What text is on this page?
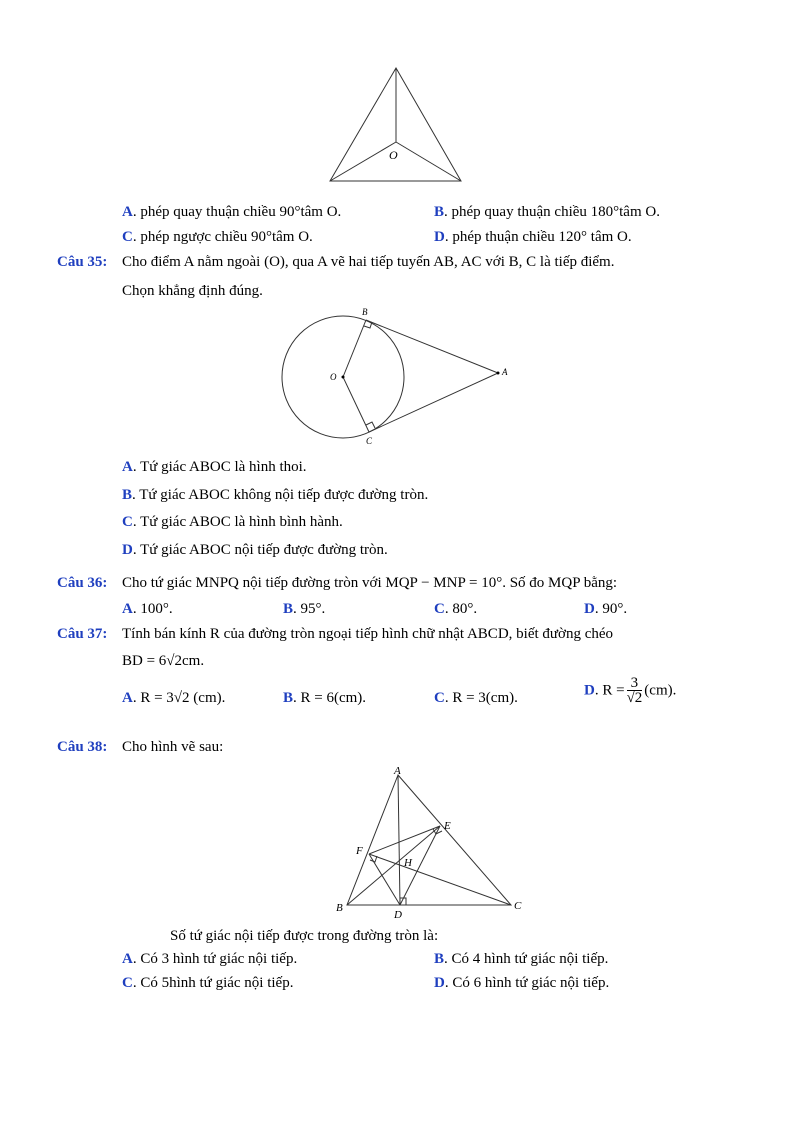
O
A. phép quay thuận chiều 90°tâm O.	B. phép quay thuận chiều 180°tâm O.
C. phép ngược chiều 90°tâm O.	D. phép thuận chiều 120° tâm O.
Câu 35: Cho điểm A nằm ngoài (O), qua A vẽ hai tiếp tuyến AB, AC với B, C là tiếp điểm.
Chọn khẳng định đúng.
B
O	A
C
A. Tứ giác ABOC là hình thoi.
B. Tứ giác ABOC không nội tiếp được đường tròn.
C. Tứ giác ABOC là hình bình hành.
D. Tứ giác ABOC nội tiếp được đường tròn.
Câu 36: Cho tứ giác MNPQ nội tiếp đường tròn với MQP − MNP = 10°. Số đo MQP bằng:
A. 100°.	B. 95°.	C. 80°.	D. 90°.
Câu 37: Tính bán kính R của đường tròn ngoại tiếp hình chữ nhật ABCD, biết đường chéo
BD = 6√2cm.
A. R = 3√2 (cm).	B. R = 6(cm).	C. R = 3(cm).	D. $R = \frac{3}{√2} (cm)$.
Câu 38: Cho hình vẽ sau:
A
E
F
H
B
D
C
Số tứ giác nội tiếp được trong đường tròn là:
A. Có 3 hình tứ giác nội tiếp.	B. Có 4 hình tứ giác nội tiếp.
C. Có 5hình tứ giác nội tiếp.	D. Có 6 hình tứ giác nội tiếp.
